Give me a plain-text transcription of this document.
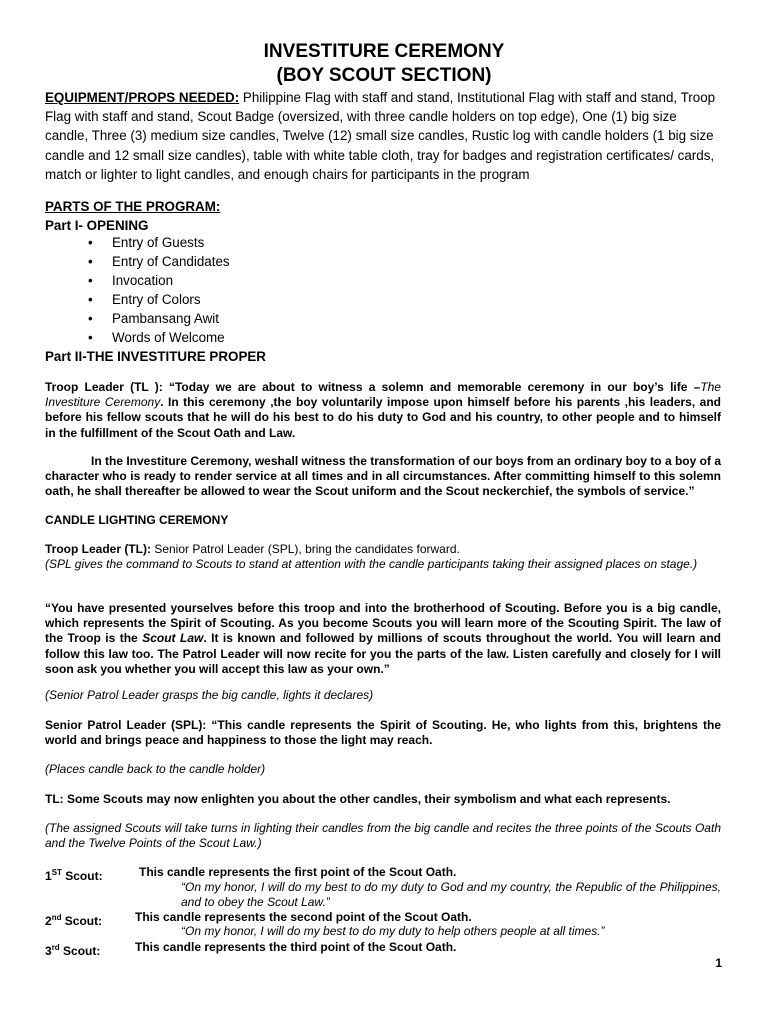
INVESTITURE CEREMONY
(BOY SCOUT SECTION)
EQUIPMENT/PROPS NEEDED: Philippine Flag with staff and stand, Institutional Flag with staff and stand, Troop Flag with staff and stand, Scout Badge (oversized, with three candle holders on top edge), One (1) big size candle, Three (3) medium size candles, Twelve (12) small size candles, Rustic log with candle holders (1 big size candle and 12 small size candles), table with white table cloth, tray for badges and registration certificates/ cards, match or lighter to light candles, and enough chairs for participants in the program
PARTS OF THE PROGRAM:
Part I- OPENING
• Entry of Guests
• Entry of Candidates
• Invocation
• Entry of Colors
• Pambansang Awit
• Words of Welcome
Part II-THE INVESTITURE PROPER
Troop Leader (TL ): “Today we are about to witness a solemn and memorable ceremony in our boy’s life –The Investiture Ceremony. In this ceremony ,the boy voluntarily impose upon himself before his parents ,his leaders, and before his fellow scouts that he will do his best to do his duty to God and his country, to other people and to himself in the fulfillment of the Scout Oath and Law.
In the Investiture Ceremony, weshall witness the transformation of our boys from an ordinary boy to a boy of a character who is ready to render service at all times and in all circumstances. After committing himself to this solemn oath, he shall thereafter be allowed to wear the Scout uniform and the Scout neckerchief, the symbols of service.”
CANDLE LIGHTING CEREMONY
Troop Leader (TL): Senior Patrol Leader (SPL), bring the candidates forward.
(SPL gives the command to Scouts to stand at attention with the candle participants taking their assigned places on stage.)
“You have presented yourselves before this troop and into the brotherhood of Scouting. Before you is a big candle, which represents the Spirit of Scouting. As you become Scouts you will learn more of the Scouting Spirit. The law of the Troop is the Scout Law. It is known and followed by millions of scouts throughout the world. You will learn and follow this law too. The Patrol Leader will now recite for you the parts of the law. Listen carefully and closely for I will soon ask you whether you will accept this law as your own.”
(Senior Patrol Leader grasps the big candle, lights it declares)
Senior Patrol Leader (SPL): “This candle represents the Spirit of Scouting. He, who lights from this, brightens the world and brings peace and happiness to those the light may reach.
(Places candle back to the candle holder)
TL: Some Scouts may now enlighten you about the other candles, their symbolism and what each represents.
(The assigned Scouts will take turns in lighting their candles from the big candle and recites the three points of the Scouts Oath and the Twelve Points of the Scout Law.)
1ST Scout:	This candle represents the first point of the Scout Oath.
“On my honor, I will do my best to do my duty to God and my country, the Republic of the Philippines, and to obey the Scout Law.”
2nd Scout:	This candle represents the second point of the Scout Oath.
“On my honor, I will do my best to do my duty to help others people at all times.”
3rd Scout:	This candle represents the third point of the Scout Oath.
1
